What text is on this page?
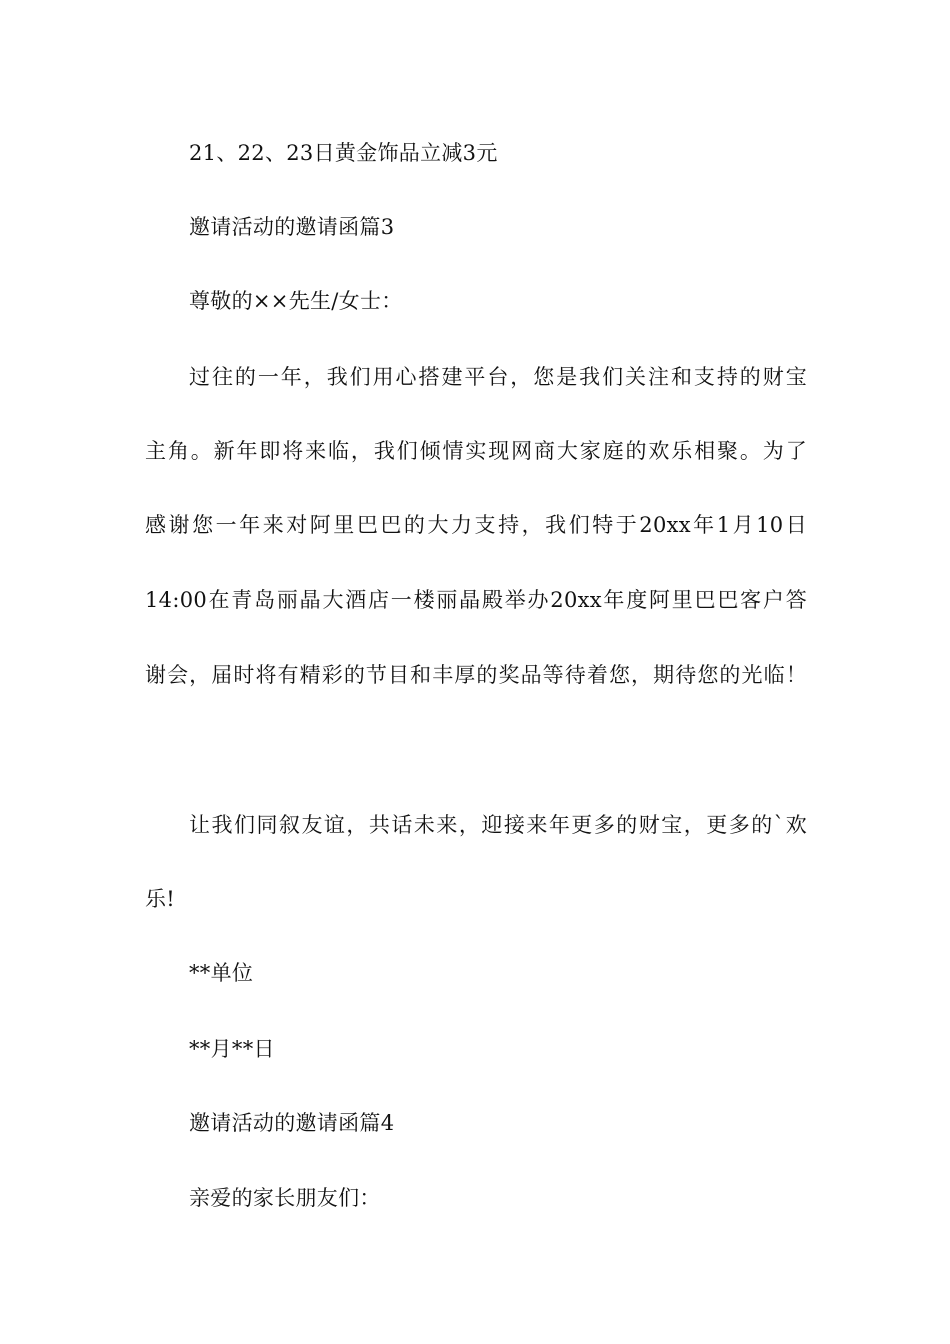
21、22、23日黄金饰品立减3元
邀请活动的邀请函篇3
尊敬的××先生/女士：
过往的一年，我们用心搭建平台，您是我们关注和支持的财宝
主角。新年即将来临，我们倾情实现网商大家庭的欢乐相聚。为了
感谢您一年来对阿里巴巴的大力支持，我们特于20xx年1月10日
14:00在青岛丽晶大酒店一楼丽晶殿举办20xx年度阿里巴巴客户答
谢会，届时将有精彩的节目和丰厚的奖品等待着您，期待您的光临！
让我们同叙友谊，共话未来，迎接来年更多的财宝，更多的`欢
乐!
**单位
**月**日
邀请活动的邀请函篇4
亲爱的家长朋友们：
